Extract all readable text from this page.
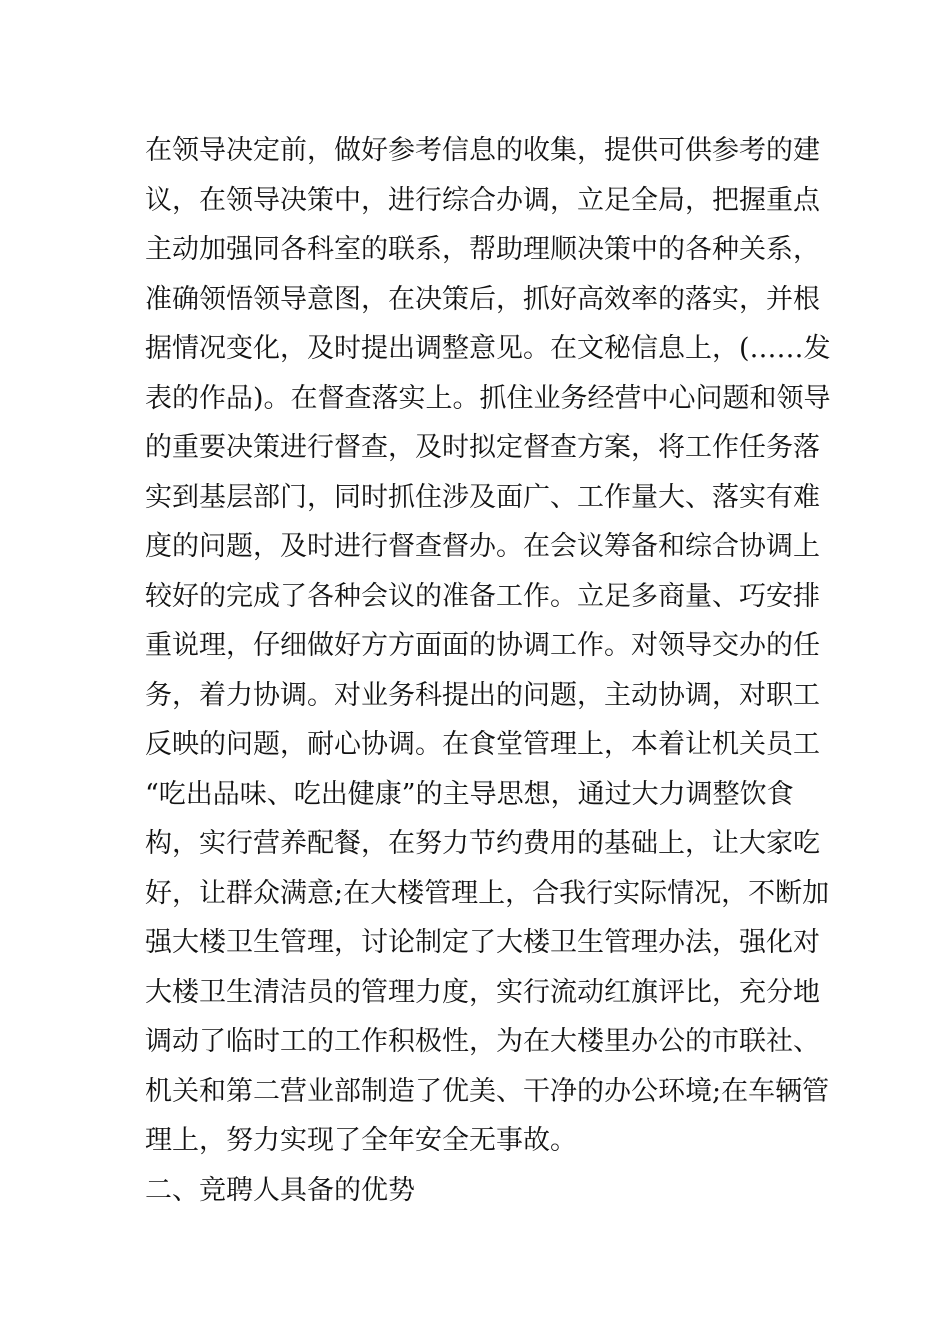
在领导决定前，做好参考信息的收集，提供可供参考的建
议，在领导决策中，进行综合办调，立足全局，把握重点
主动加强同各科室的联系，帮助理顺决策中的各种关系，
准确领悟领导意图，在决策后，抓好高效率的落实，并根
据情况变化，及时提出调整意见。在文秘信息上，(……发
表的作品)。在督查落实上。抓住业务经营中心问题和领导
的重要决策进行督查，及时拟定督查方案，将工作任务落
实到基层部门，同时抓住涉及面广、工作量大、落实有难
度的问题，及时进行督查督办。在会议筹备和综合协调上
较好的完成了各种会议的准备工作。立足多商量、巧安排
重说理，仔细做好方方面面的协调工作。对领导交办的任
务，着力协调。对业务科提出的问题，主动协调，对职工
反映的问题，耐心协调。在食堂管理上，本着让机关员工
“吃出品味、吃出健康”的主导思想，通过大力调整饮食
构，实行营养配餐，在努力节约费用的基础上，让大家吃
好，让群众满意;在大楼管理上，合我行实际情况，不断加
强大楼卫生管理，讨论制定了大楼卫生管理办法，强化对
大楼卫生清洁员的管理力度，实行流动红旗评比，充分地
调动了临时工的工作积极性，为在大楼里办公的市联社、
机关和第二营业部制造了优美、干净的办公环境;在车辆管
理上，努力实现了全年安全无事故。
二、竞聘人具备的优势
